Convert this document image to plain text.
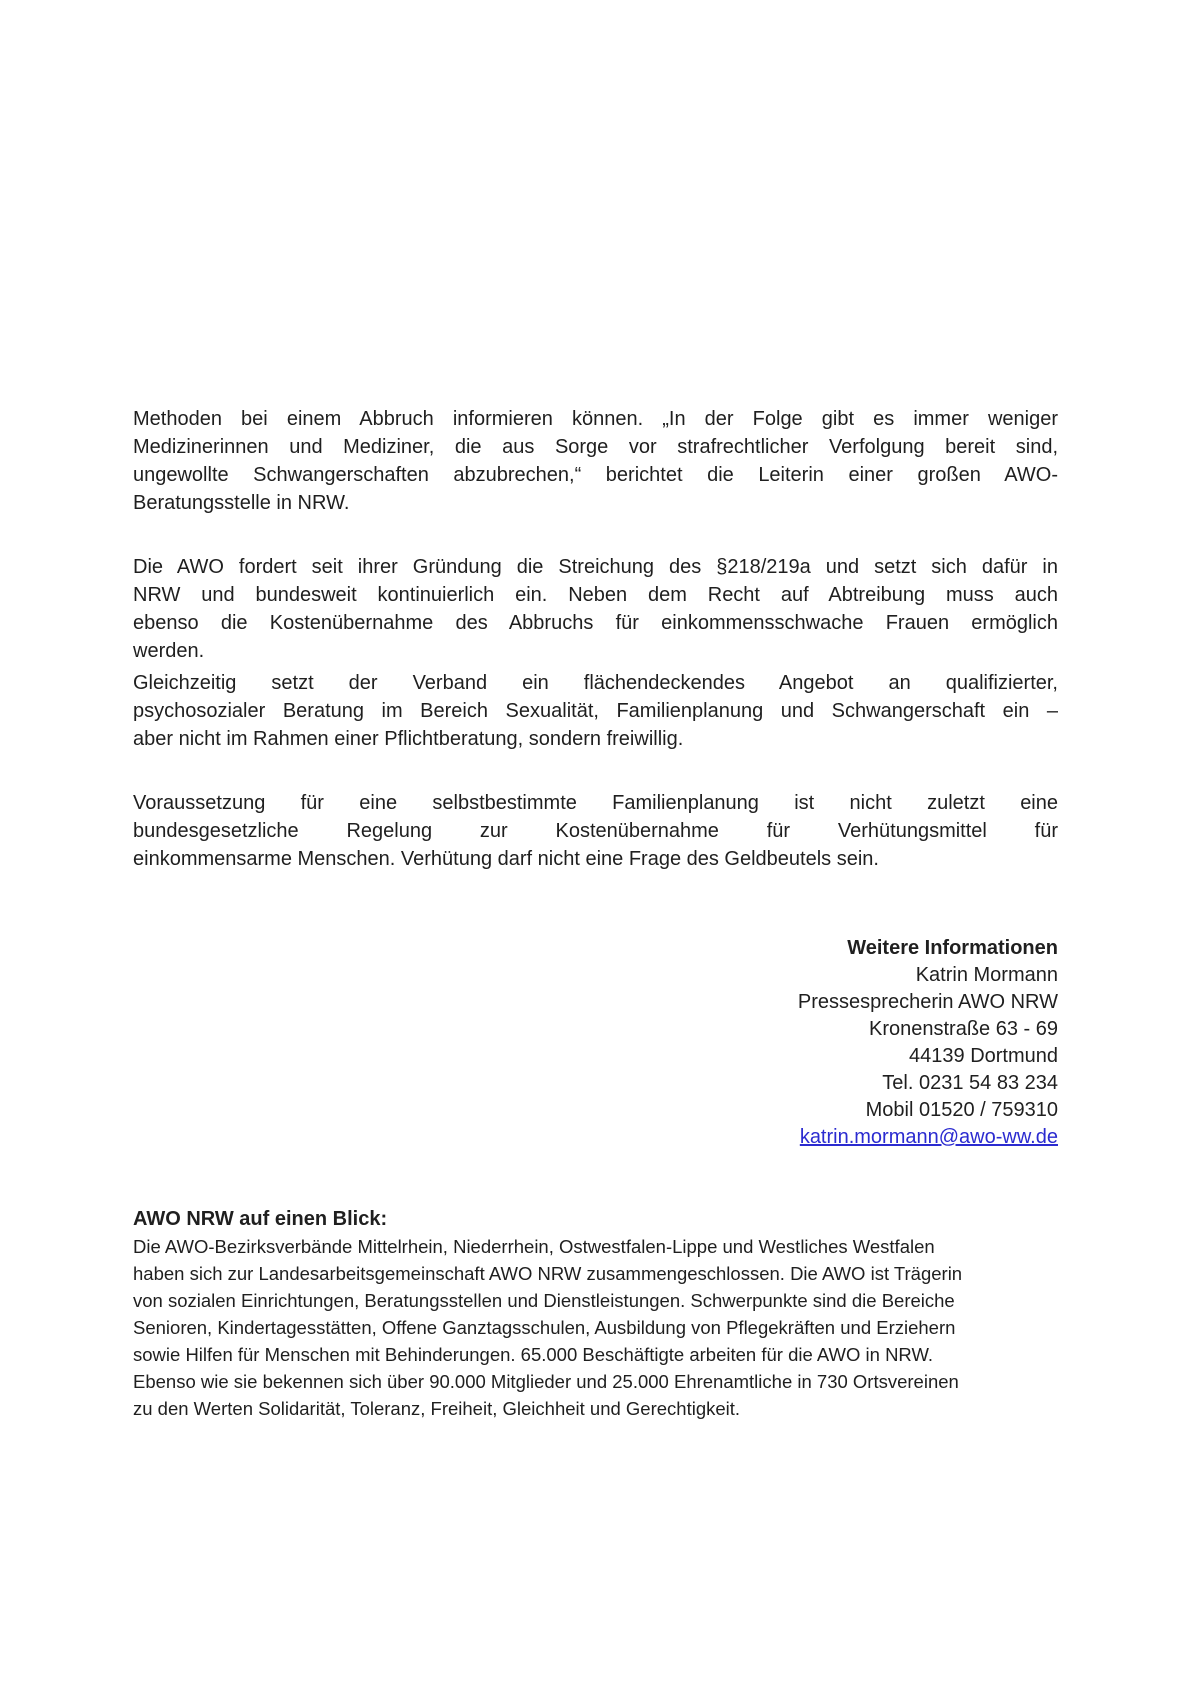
Methoden bei einem Abbruch informieren können. „In der Folge gibt es immer weniger
Medizinerinnen und Mediziner, die aus Sorge vor strafrechtlicher Verfolgung bereit sind,
ungewollte Schwangerschaften abzubrechen,“ berichtet die Leiterin einer großen AWO-
Beratungsstelle in NRW.
Die AWO fordert seit ihrer Gründung die Streichung des §218/219a und setzt sich dafür in
NRW und bundesweit kontinuierlich ein. Neben dem Recht auf Abtreibung muss auch
ebenso die Kostenübernahme des Abbruchs für einkommensschwache Frauen ermöglich
werden.
Gleichzeitig setzt der Verband ein flächendeckendes Angebot an qualifizierter,
psychosozialer Beratung im Bereich Sexualität, Familienplanung und Schwangerschaft ein –
aber nicht im Rahmen einer Pflichtberatung, sondern freiwillig.
Voraussetzung für eine selbstbestimmte Familienplanung ist nicht zuletzt eine
bundesgesetzliche Regelung zur Kostenübernahme für Verhütungsmittel für
einkommensarme Menschen. Verhütung darf nicht eine Frage des Geldbeutels sein.
Weitere Informationen
Katrin Mormann
Pressesprecherin AWO NRW
Kronenstraße 63 - 69
44139 Dortmund
Tel. 0231 54 83 234
Mobil 01520 / 759310
katrin.mormann@awo-ww.de
AWO NRW auf einen Blick:
Die AWO-Bezirksverbände Mittelrhein, Niederrhein, Ostwestfalen-Lippe und Westliches Westfalen
haben sich zur Landesarbeitsgemeinschaft AWO NRW zusammengeschlossen. Die AWO ist Trägerin
von sozialen Einrichtungen, Beratungsstellen und Dienstleistungen. Schwerpunkte sind die Bereiche
Senioren, Kindertagesstätten, Offene Ganztagsschulen, Ausbildung von Pflegekräften und Erziehern
sowie Hilfen für Menschen mit Behinderungen. 65.000 Beschäftigte arbeiten für die AWO in NRW.
Ebenso wie sie bekennen sich über 90.000 Mitglieder und 25.000 Ehrenamtliche in 730 Ortsvereinen
zu den Werten Solidarität, Toleranz, Freiheit, Gleichheit und Gerechtigkeit.
